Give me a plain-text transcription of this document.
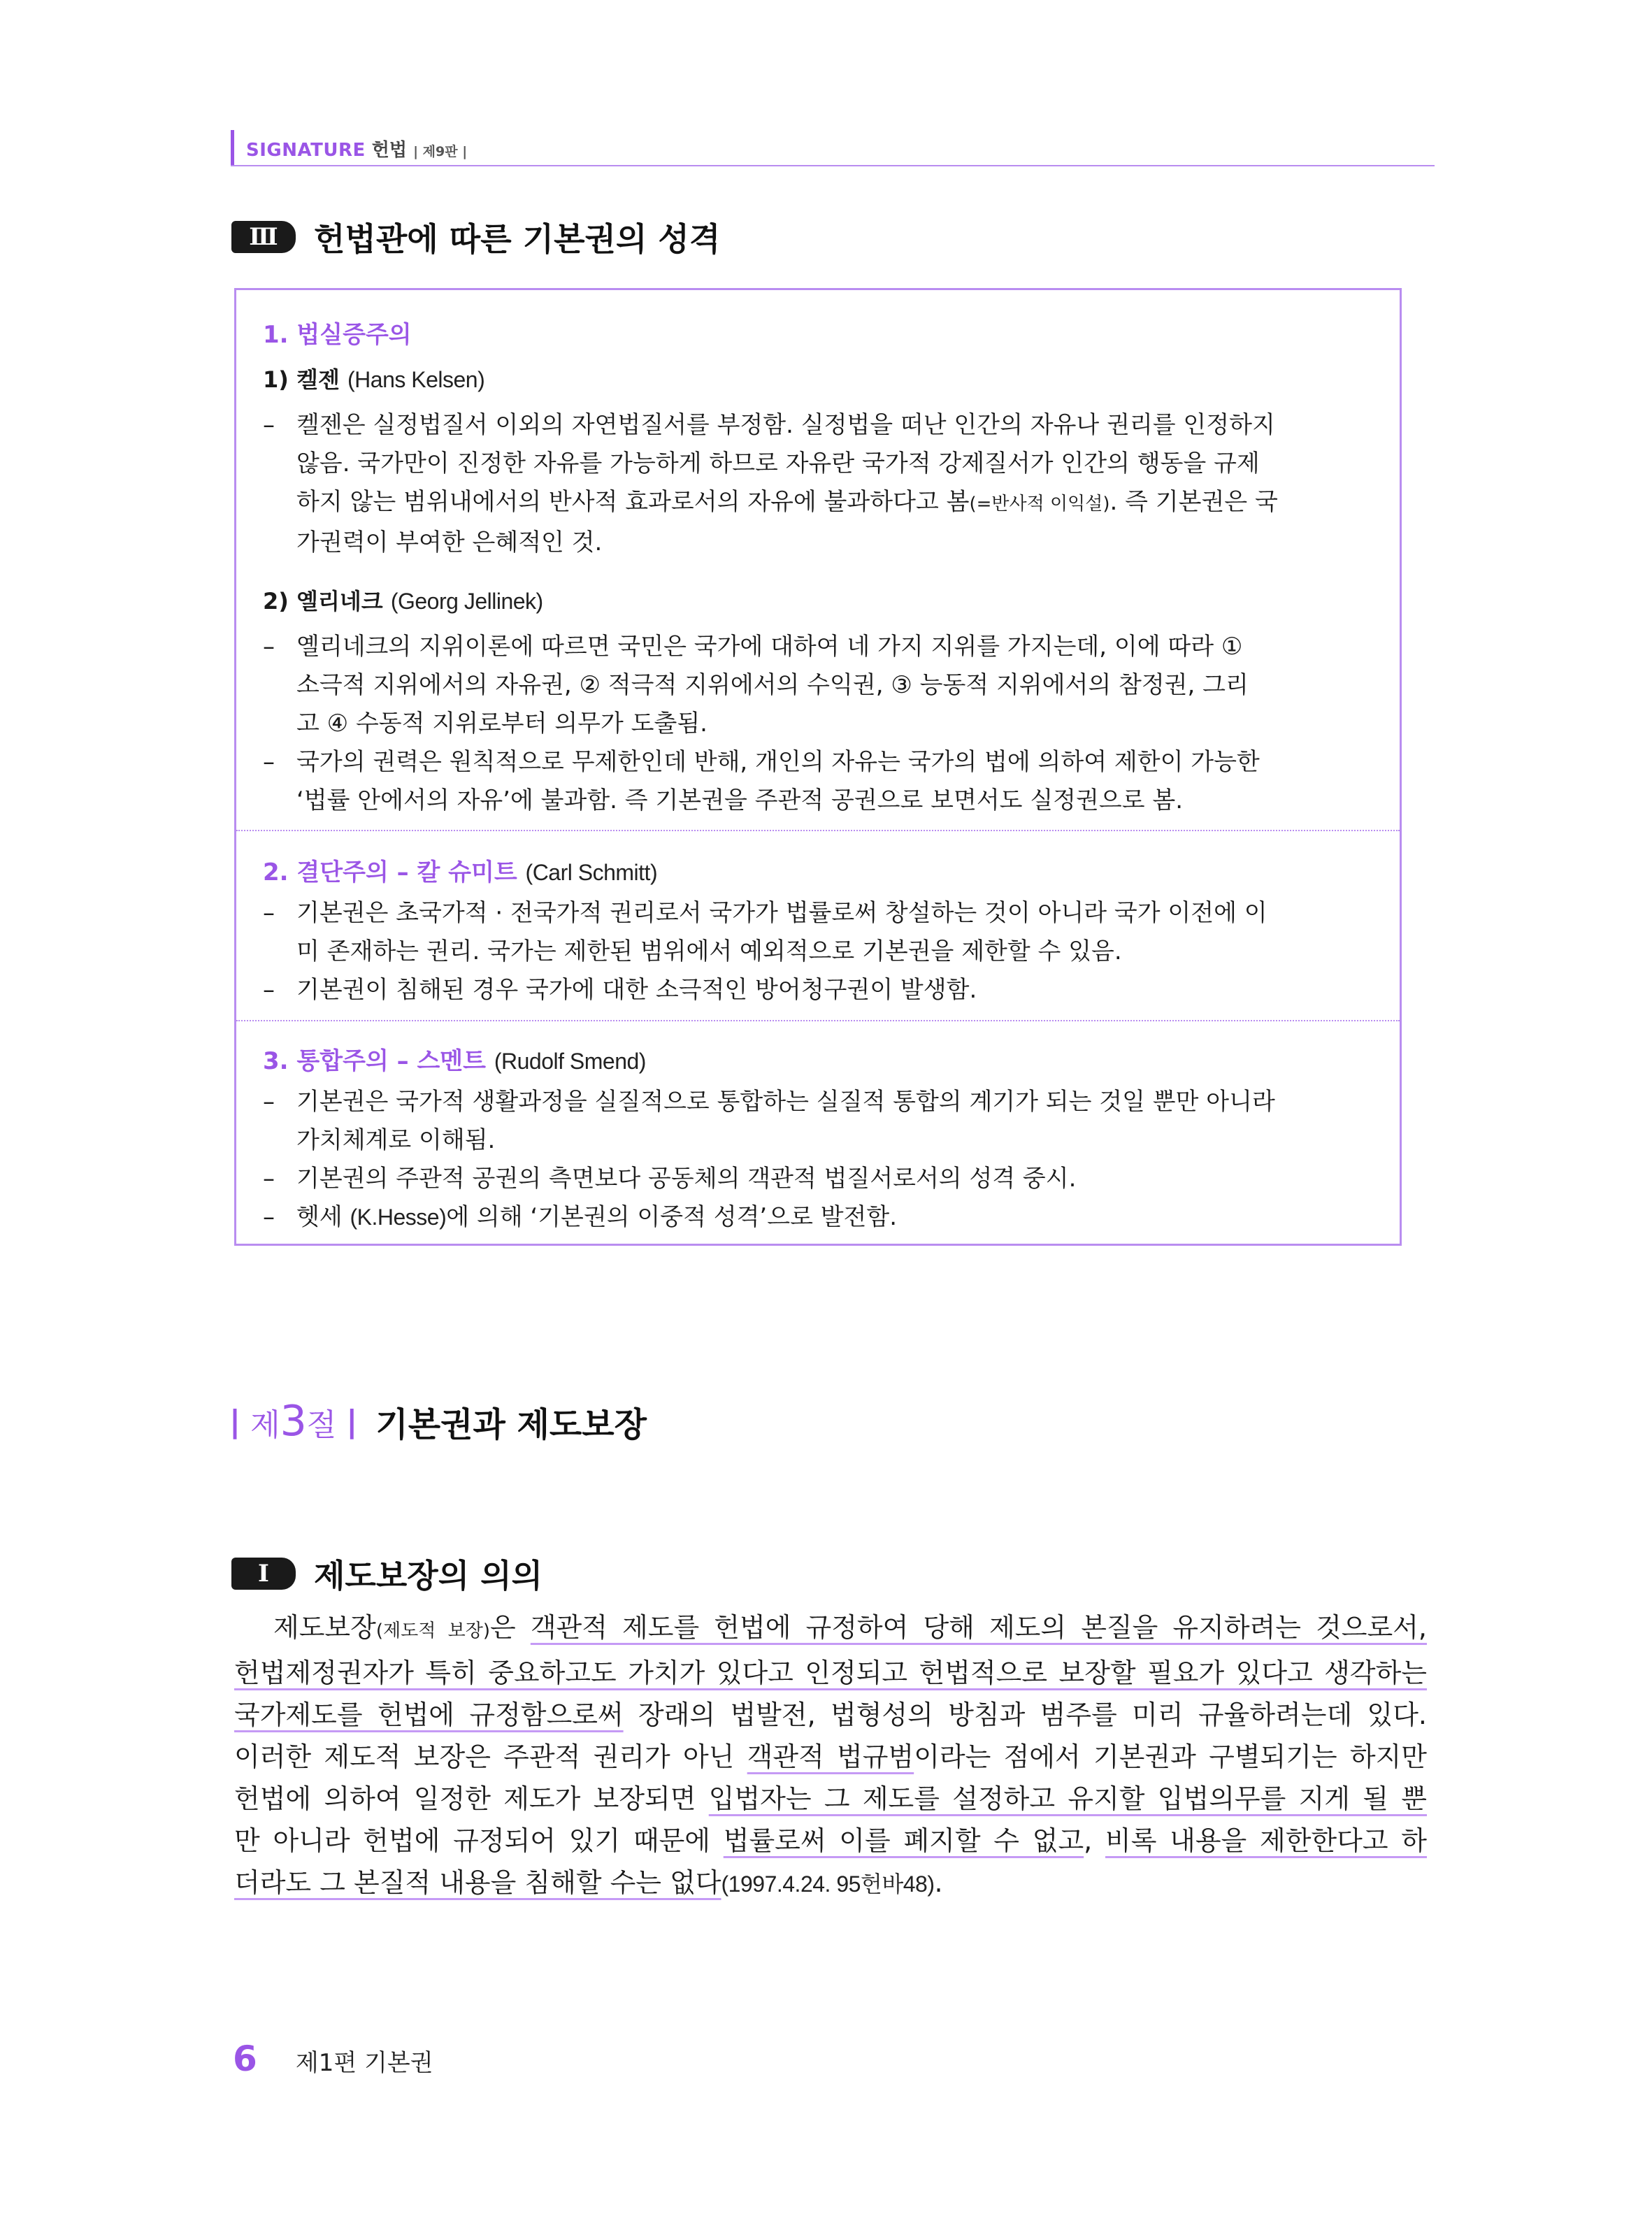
SIGNATURE 헌법 | 제9판 |
Ⅲ	헌법관에 따른 기본권의 성격
1. 법실증주의
1) 켈젠 (Hans Kelsen)
– 켈젠은 실정법질서 이외의 자연법질서를 부정함. 실정법을 떠난 인간의 자유나 권리를 인정하지
않음. 국가만이 진정한 자유를 가능하게 하므로 자유란 국가적 강제질서가 인간의 행동을 규제
하지 않는 범위내에서의 반사적 효과로서의 자유에 불과하다고 봄(=반사적 이익설). 즉 기본권은 국
가권력이 부여한 은혜적인 것.
2) 옐리네크 (Georg Jellinek)
– 옐리네크의 지위이론에 따르면 국민은 국가에 대하여 네 가지 지위를 가지는데, 이에 따라 ①
소극적 지위에서의 자유권, ② 적극적 지위에서의 수익권, ③ 능동적 지위에서의 참정권, 그리
고 ④ 수동적 지위로부터 의무가 도출됨.
– 국가의 권력은 원칙적으로 무제한인데 반해, 개인의 자유는 국가의 법에 의하여 제한이 가능한
‘법률 안에서의 자유’에 불과함. 즉 기본권을 주관적 공권으로 보면서도 실정권으로 봄.
2. 결단주의 – 칼 슈미트 (Carl Schmitt)
– 기본권은 초국가적 · 전국가적 권리로서 국가가 법률로써 창설하는 것이 아니라 국가 이전에 이
미 존재하는 권리. 국가는 제한된 범위에서 예외적으로 기본권을 제한할 수 있음.
– 기본권이 침해된 경우 국가에 대한 소극적인 방어청구권이 발생함.
3. 통합주의 – 스멘트 (Rudolf Smend)
– 기본권은 국가적 생활과정을 실질적으로 통합하는 실질적 통합의 계기가 되는 것일 뿐만 아니라
가치체계로 이해됨.
– 기본권의 주관적 공권의 측면보다 공동체의 객관적 법질서로서의 성격 중시.
– 헷세 (K.Hesse)에 의해 ‘기본권의 이중적 성격’으로 발전함.
| 제3절 | 기본권과 제도보장
Ⅰ	제도보장의 의의
제도보장(제도적 보장)은 객관적 제도를 헌법에 규정하여 당해 제도의 본질을 유지하려는 것으로서,
헌법제정권자가 특히 중요하고도 가치가 있다고 인정되고 헌법적으로 보장할 필요가 있다고 생각하는
국가제도를 헌법에 규정함으로써 장래의 법발전, 법형성의 방침과 범주를 미리 규율하려는데 있다.
이러한 제도적 보장은 주관적 권리가 아닌 객관적 법규범이라는 점에서 기본권과 구별되기는 하지만
헌법에 의하여 일정한 제도가 보장되면 입법자는 그 제도를 설정하고 유지할 입법의무를 지게 될 뿐
만 아니라 헌법에 규정되어 있기 때문에 법률로써 이를 폐지할 수 없고, 비록 내용을 제한한다고 하
더라도 그 본질적 내용을 침해할 수는 없다(1997.4.24. 95헌바48).
6 제1편 기본권
